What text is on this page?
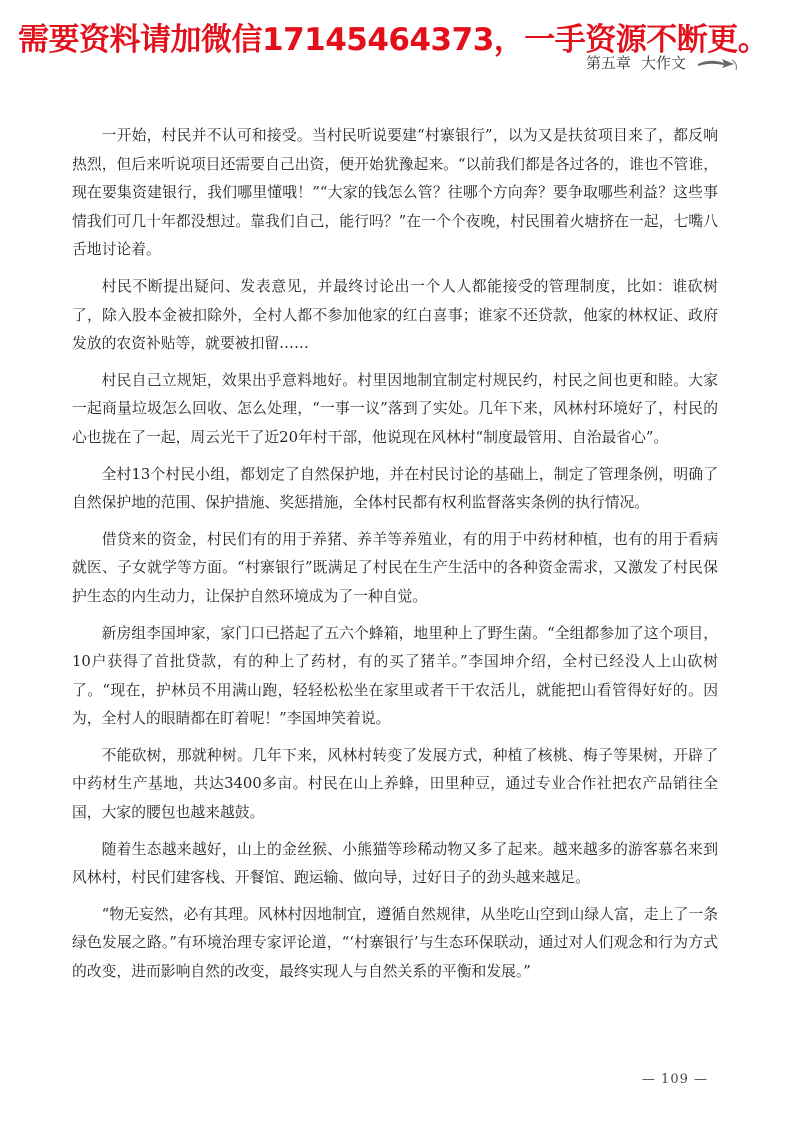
需要资料请加微信17145464373，一手资源不断更。
第五章 大作文

一开始，村民并不认可和接受。当村民听说要建“村寨银行”，以为又是扶贫项目来了，都反响热烈，但后来听说项目还需要自己出资，便开始犹豫起来。“以前我们都是各过各的，谁也不管谁，现在要集资建银行，我们哪里懂哦！”“大家的钱怎么管？往哪个方向奔？要争取哪些利益？这些事情我们可几十年都没想过。靠我们自己，能行吗？”在一个个夜晚，村民围着火塘挤在一起，七嘴八舌地讨论着。

村民不断提出疑问、发表意见，并最终讨论出一个人人都能接受的管理制度，比如：谁砍树了，除入股本金被扣除外，全村人都不参加他家的红白喜事；谁家不还贷款，他家的林权证、政府发放的农资补贴等，就要被扣留……

村民自己立规矩，效果出乎意料地好。村里因地制宜制定村规民约，村民之间也更和睦。大家一起商量垃圾怎么回收、怎么处理，“一事一议”落到了实处。几年下来，风林村环境好了，村民的心也拢在了一起，周云光干了近20年村干部，他说现在风林村“制度最管用、自治最省心”。

全村13个村民小组，都划定了自然保护地，并在村民讨论的基础上，制定了管理条例，明确了自然保护地的范围、保护措施、奖惩措施，全体村民都有权利监督落实条例的执行情况。

借贷来的资金，村民们有的用于养猪、养羊等养殖业，有的用于中药材种植，也有的用于看病就医、子女就学等方面。“村寨银行”既满足了村民在生产生活中的各种资金需求，又激发了村民保护生态的内生动力，让保护自然环境成为了一种自觉。

新房组李国坤家，家门口已搭起了五六个蜂箱，地里种上了野生菌。“全组都参加了这个项目，10户获得了首批贷款，有的种上了药材，有的买了猪羊。”李国坤介绍，全村已经没人上山砍树了。“现在，护林员不用满山跑，轻轻松松坐在家里或者干干农活儿，就能把山看管得好好的。因为，全村人的眼睛都在盯着呢！”李国坤笑着说。

不能砍树，那就种树。几年下来，风林村转变了发展方式，种植了核桃、梅子等果树，开辟了中药材生产基地，共达3400多亩。村民在山上养蜂，田里种豆，通过专业合作社把农产品销往全国，大家的腰包也越来越鼓。

随着生态越来越好，山上的金丝猴、小熊猫等珍稀动物又多了起来。越来越多的游客慕名来到风林村，村民们建客栈、开餐馆、跑运输、做向导，过好日子的劲头越来越足。

“物无妄然，必有其理。风林村因地制宜，遵循自然规律，从坐吃山空到山绿人富，走上了一条绿色发展之路。”有环境治理专家评论道，“‘村寨银行’与生态环保联动，通过对人们观念和行为方式的改变，进而影响自然的改变，最终实现人与自然关系的平衡和发展。”

— 109 —
